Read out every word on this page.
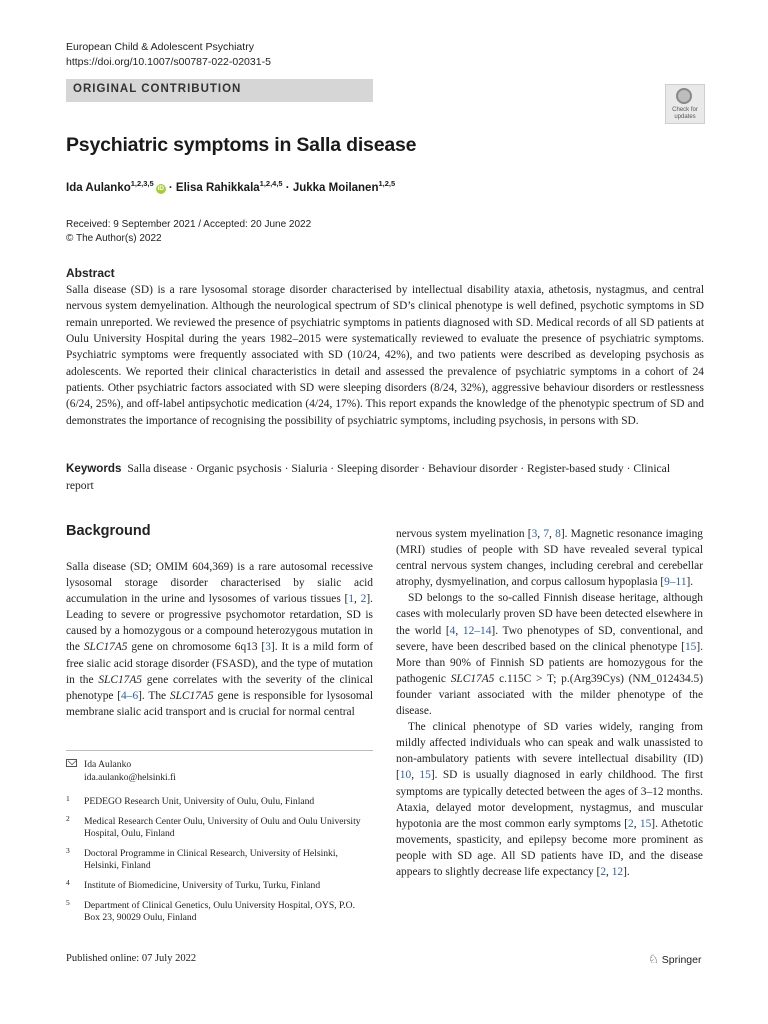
European Child & Adolescent Psychiatry
https://doi.org/10.1007/s00787-022-02031-5
ORIGINAL CONTRIBUTION
Check for
updates
Psychiatric symptoms in Salla disease
Ida Aulanko$^{1,2,3,5}$iD · Elisa Rahikkala$^{1,2,4,5}$ · Jukka Moilanen$^{1,2,5}$
Received: 9 September 2021 / Accepted: 20 June 2022
© The Author(s) 2022
Abstract

Salla disease (SD) is a rare lysosomal storage disorder characterised by intellectual disability ataxia, athetosis, nystagmus, and central nervous system demyelination. Although the neurological spectrum of SD’s clinical phenotype is well defined, psychotic symptoms in SD remain unreported. We reviewed the presence of psychiatric symptoms in patients diagnosed with SD. Medical records of all SD patients at Oulu University Hospital during the years 1982–2015 were systematically reviewed to evaluate the presence of psychiatric symptoms. Psychiatric symptoms were frequently associated with SD (10/24, 42%), and two patients were described as developing psychosis as adolescents. We reported their clinical characteristics in detail and assessed the prevalence of psychiatric symptoms in a cohort of 24 patients. Other psychiatric factors associated with SD were sleeping disorders (8/24, 32%), aggressive behaviour disorders or restlessness (6/24, 25%), and off-label antipsychotic medication (4/24, 17%). This report expands the knowledge of the phenotypic spectrum of SD and demonstrates the importance of recognising the possibility of psychiatric symptoms, including psychosis, in persons with SD.

Keywords Salla disease · Organic psychosis · Sialuria · Sleeping disorder · Behaviour disorder · Register-based study · Clinical report
Background

Salla disease (SD; OMIM 604,369) is a rare autosomal recessive lysosomal storage disorder characterised by sialic acid accumulation in the urine and lysosomes of various tissues [1, 2]. Leading to severe or progressive psychomotor retardation, SD is caused by a homozygous or a compound heterozygous mutation in the SLC17A5 gene on chromosome 6q13 [3]. It is a mild form of free sialic acid storage disorder (FSASD), and the type of mutation in the SLC17A5 gene correlates with the severity of the clinical phenotype [4–6]. The SLC17A5 gene is responsible for lysosomal membrane sialic acid transport and is crucial for normal central

nervous system myelination [3, 7, 8]. Magnetic resonance imaging (MRI) studies of people with SD have revealed several typical central nervous system changes, including cerebral and cerebellar atrophy, dysmyelination, and corpus callosum hypoplasia [9–11].

SD belongs to the so-called Finnish disease heritage, although cases with molecularly proven SD have been detected elsewhere in the world [4, 12–14]. Two phenotypes of SD, conventional, and severe, have been described based on the clinical phenotype [15]. More than 90% of Finnish SD patients are homozygous for the pathogenic SLC17A5 c.115C > T; p.(Arg39Cys) (NM_012434.5) founder variant associated with the milder phenotype of the disease.

The clinical phenotype of SD varies widely, ranging from mildly affected individuals who can speak and walk unassisted to non-ambulatory patients with severe intellectual disability (ID) [10, 15]. SD is usually diagnosed in early childhood. The first symptoms are typically detected between the ages of 3–12 months. Ataxia, delayed motor development, nystagmus, and muscular hypotonia are the most common early symptoms [2, 15]. Athetotic movements, spasticity, and epilepsy become more prominent as people with SD age. All SD patients have ID, and the disease appears to slightly decrease life expectancy [2, 12].

Ida Aulanko
ida.aulanko@helsinki.fi
1 PEDEGO Research Unit, University of Oulu, Oulu, Finland
2 Medical Research Center Oulu, University of Oulu and Oulu University Hospital, Oulu, Finland
3 Doctoral Programme in Clinical Research, University of Helsinki, Helsinki, Finland
4 Institute of Biomedicine, University of Turku, Turku, Finland
5 Department of Clinical Genetics, Oulu University Hospital, OYS, P.O. Box 23, 90029 Oulu, Finland
Published online: 07 July 2022	♘ Springer
